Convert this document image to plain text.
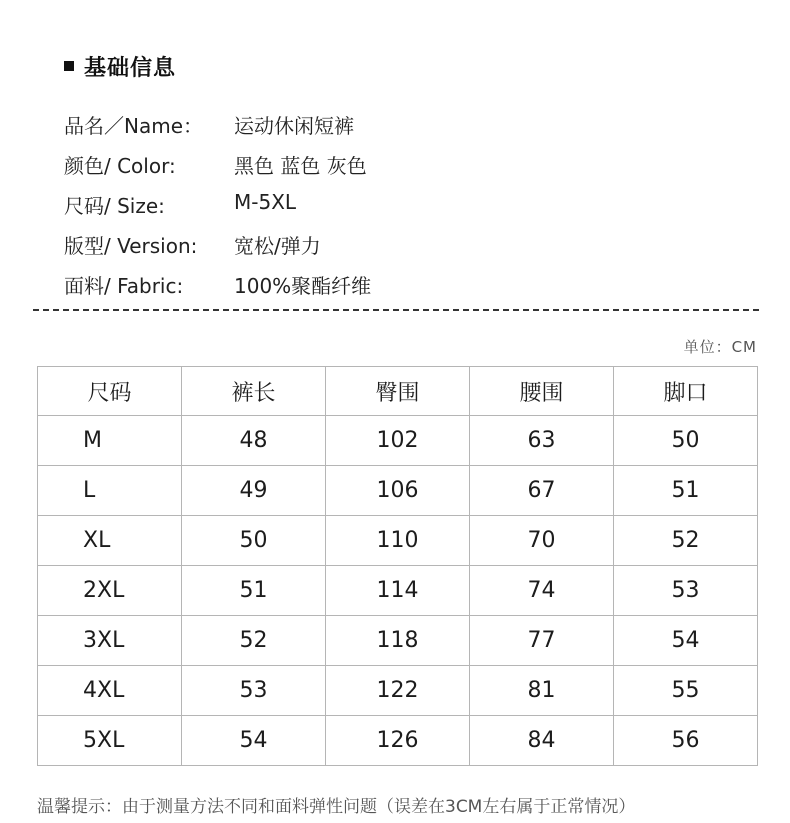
基础信息
品名／Name： 运动休闲短裤
颜色/ Color:	黑色 蓝色 灰色
尺码/ Size:	M-5XL
版型/ Version: 宽松/弹力
面料/ Fabric:	100%聚酯纤维
单位：CM
尺码	裤长	臀围	腰围	脚口
M	48	102	63	50
L	49	106	67	51
XL	50	110	70	52
2XL	51	114	74	53
3XL	52	118	77	54
4XL	53	122	81	55
5XL	54	126	84	56
温馨提示：由于测量方法不同和面料弹性问题（误差在3CM左右属于正常情况）
